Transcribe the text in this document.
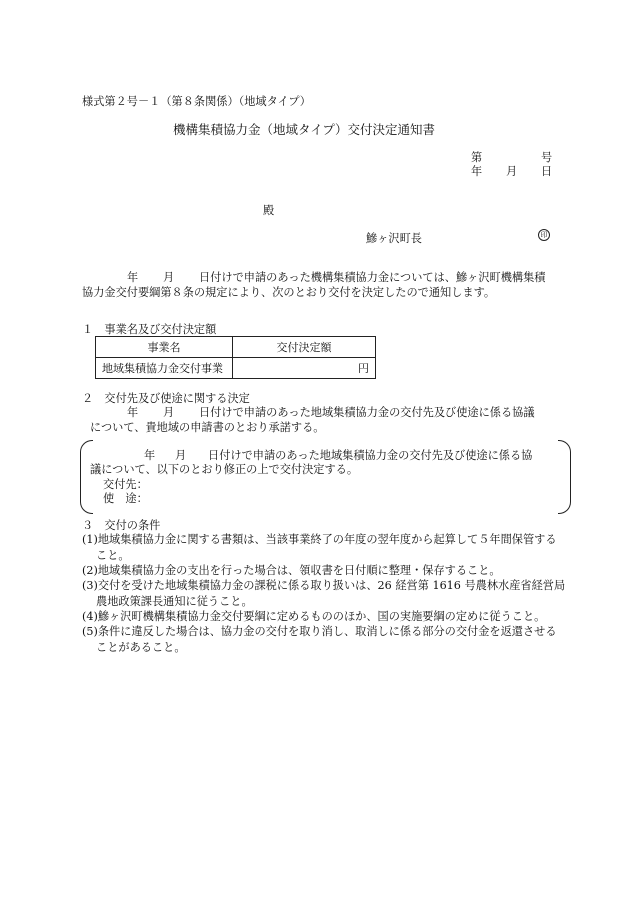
様式第２号－１（第８条関係）（地域タイプ）
機構集積協力金（地域タイプ）交付決定通知書
第	号
年 月 日
殿
鰺ヶ沢町長	印
年 月 日付けで申請のあった機構集積協力金については、鰺ヶ沢町機構集積
協力金交付要綱第８条の規定により、次のとおり交付を決定したので通知します。
１　事業名及び交付決定額
事業名	交付決定額
地域集積協力金交付事業	円
２　交付先及び使途に関する決定
年 月 日付けで申請のあった地域集積協力金の交付先及び使途に係る協議
について、貴地域の申請書のとおり承諾する。
年 月 日付けで申請のあった地域集積協力金の交付先及び使途に係る協
議について、以下のとおり修正の上で交付決定する。
交付先：
使　途：
３　交付の条件
(1)地域集積協力金に関する書類は、当該事業終了の年度の翌年度から起算して５年間保管すること。
(2)地域集積協力金の支出を行った場合は、領収書を日付順に整理・保存すること。
(3)交付を受けた地域集積協力金の課税に係る取り扱いは、26 経営第 1616 号農林水産省経営局農地政策課長通知に従うこと。
(4)鰺ヶ沢町機構集積協力金交付要綱に定めるもののほか、国の実施要綱の定めに従うこと。
(5)条件に違反した場合は、協力金の交付を取り消し、取消しに係る部分の交付金を返還させることがあること。
